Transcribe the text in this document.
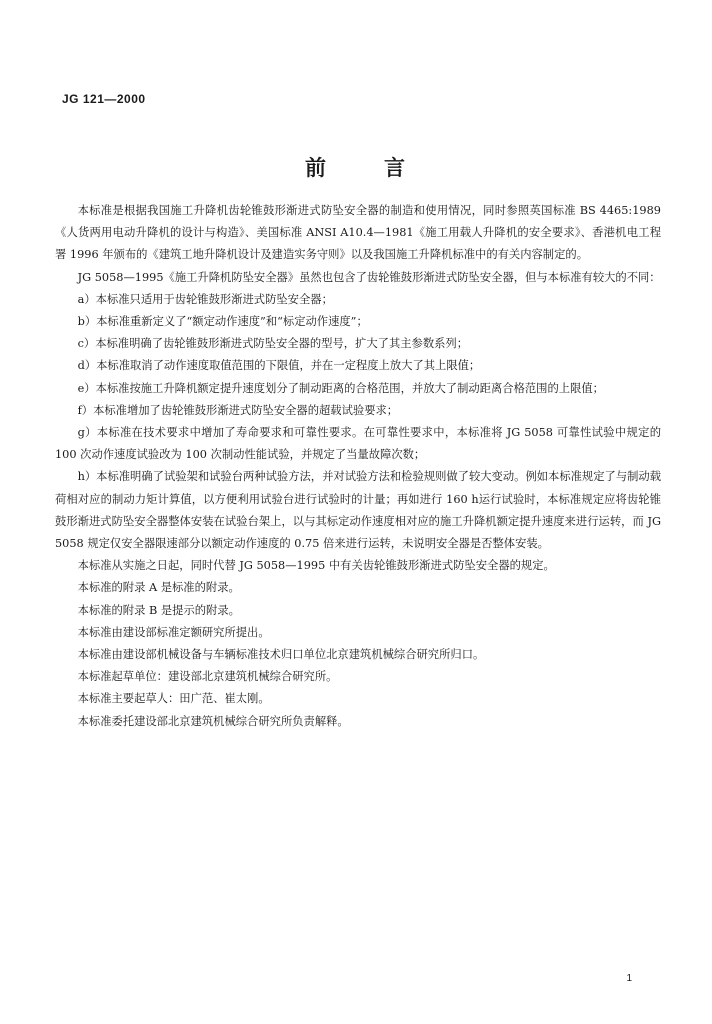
JG 121—2000
前	言

本标准是根据我国施工升降机齿轮锥鼓形渐进式防坠安全器的制造和使用情况，同时参照英国标准 BS 4465:1989《人货两用电动升降机的设计与构造》、美国标准 ANSI A10.4—1981《施工用载人升降机的安全要求》、香港机电工程署 1996 年颁布的《建筑工地升降机设计及建造实务守则》以及我国施工升降机标准中的有关内容制定的。

JG 5058—1995《施工升降机防坠安全器》虽然也包含了齿轮锥鼓形渐进式防坠安全器，但与本标准有较大的不同：

a）本标准只适用于齿轮锥鼓形渐进式防坠安全器；

b）本标准重新定义了“额定动作速度”和“标定动作速度”；

c）本标准明确了齿轮锥鼓形渐进式防坠安全器的型号，扩大了其主参数系列；

d）本标准取消了动作速度取值范围的下限值，并在一定程度上放大了其上限值；

e）本标准按施工升降机额定提升速度划分了制动距离的合格范围，并放大了制动距离合格范围的上限值；

f）本标准增加了齿轮锥鼓形渐进式防坠安全器的超载试验要求；

g）本标准在技术要求中增加了寿命要求和可靠性要求。在可靠性要求中，本标准将 JG 5058 可靠性试验中规定的 100 次动作速度试验改为 100 次制动性能试验，并规定了当量故障次数；

h）本标准明确了试验架和试验台两种试验方法，并对试验方法和检验规则做了较大变动。例如本标准规定了与制动载荷相对应的制动力矩计算值，以方便利用试验台进行试验时的计量；再如进行 160 h运行试验时，本标准规定应将齿轮锥鼓形渐进式防坠安全器整体安装在试验台架上，以与其标定动作速度相对应的施工升降机额定提升速度来进行运转，而 JG 5058 规定仅安全器限速部分以额定动作速度的 0.75 倍来进行运转，未说明安全器是否整体安装。

本标准从实施之日起，同时代替 JG 5058—1995 中有关齿轮锥鼓形渐进式防坠安全器的规定。

本标准的附录 A 是标准的附录。

本标准的附录 B 是提示的附录。

本标准由建设部标准定额研究所提出。

本标准由建设部机械设备与车辆标准技术归口单位北京建筑机械综合研究所归口。

本标准起草单位：建设部北京建筑机械综合研究所。

本标准主要起草人：田广范、崔太刚。

本标准委托建设部北京建筑机械综合研究所负责解释。

1
